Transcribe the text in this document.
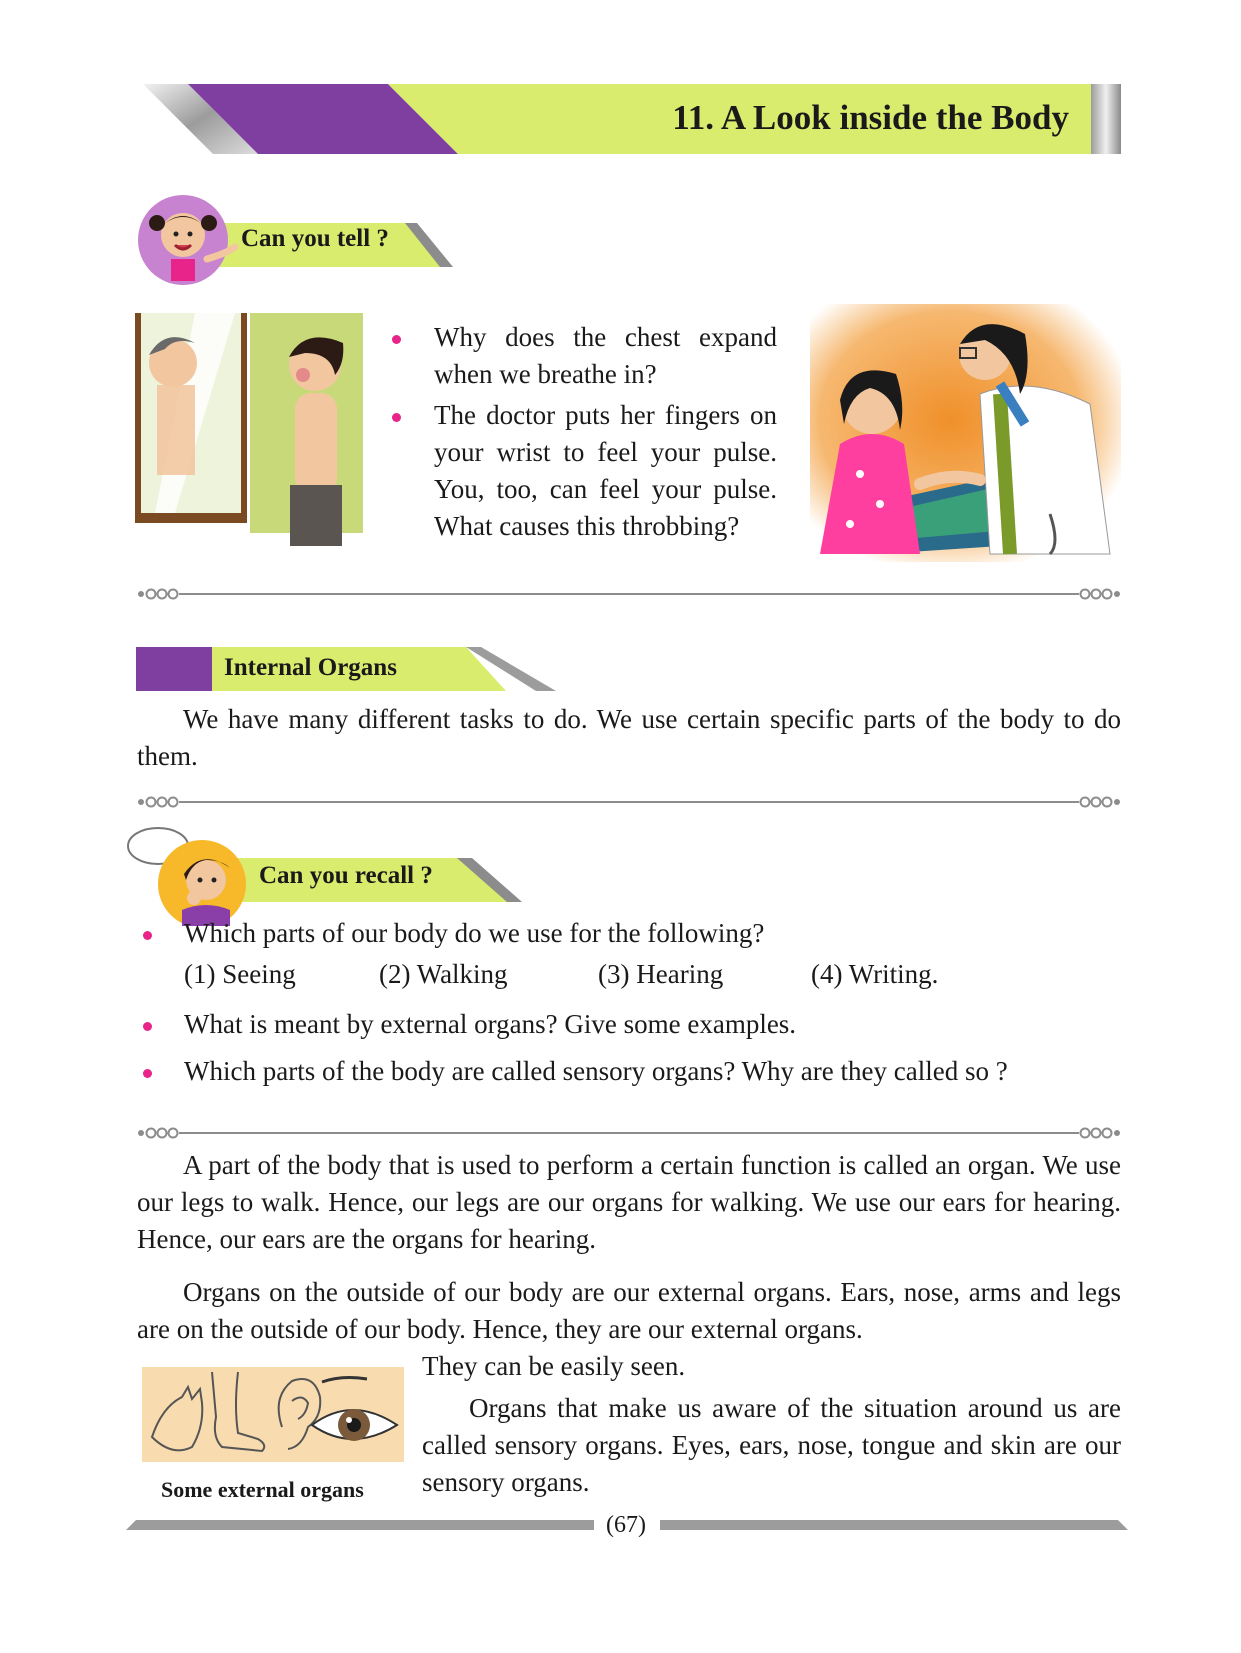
11. A Look inside the Body
Can you tell ?
Why does the chest expand when we breathe in?
The doctor puts her fingers on your wrist to feel your pulse. You, too, can feel your pulse. What causes this throbbing?
Internal Organs

We have many different tasks to do. We use certain specific parts of the body to do them.

Can you recall ?
Which parts of our body do we use for the following?
(1) Seeing	(2) Walking	(3) Hearing	(4) Writing.
What is meant by external organs? Give some examples.
Which parts of the body are called sensory organs? Why are they called so ?

A part of the body that is used to perform a certain function is called an organ. We use our legs to walk. Hence, our legs are our organs for walking. We use our ears for hearing. Hence, our ears are the organs for hearing.

Organs on the outside of our body are our external organs. Ears, nose, arms and legs are on the outside of our body. Hence, they are our external organs.

They can be easily seen.
Some external organs

Organs that make us aware of the situation around us are called sensory organs. Eyes, ears, nose, tongue and skin are our sensory organs.

(67)
